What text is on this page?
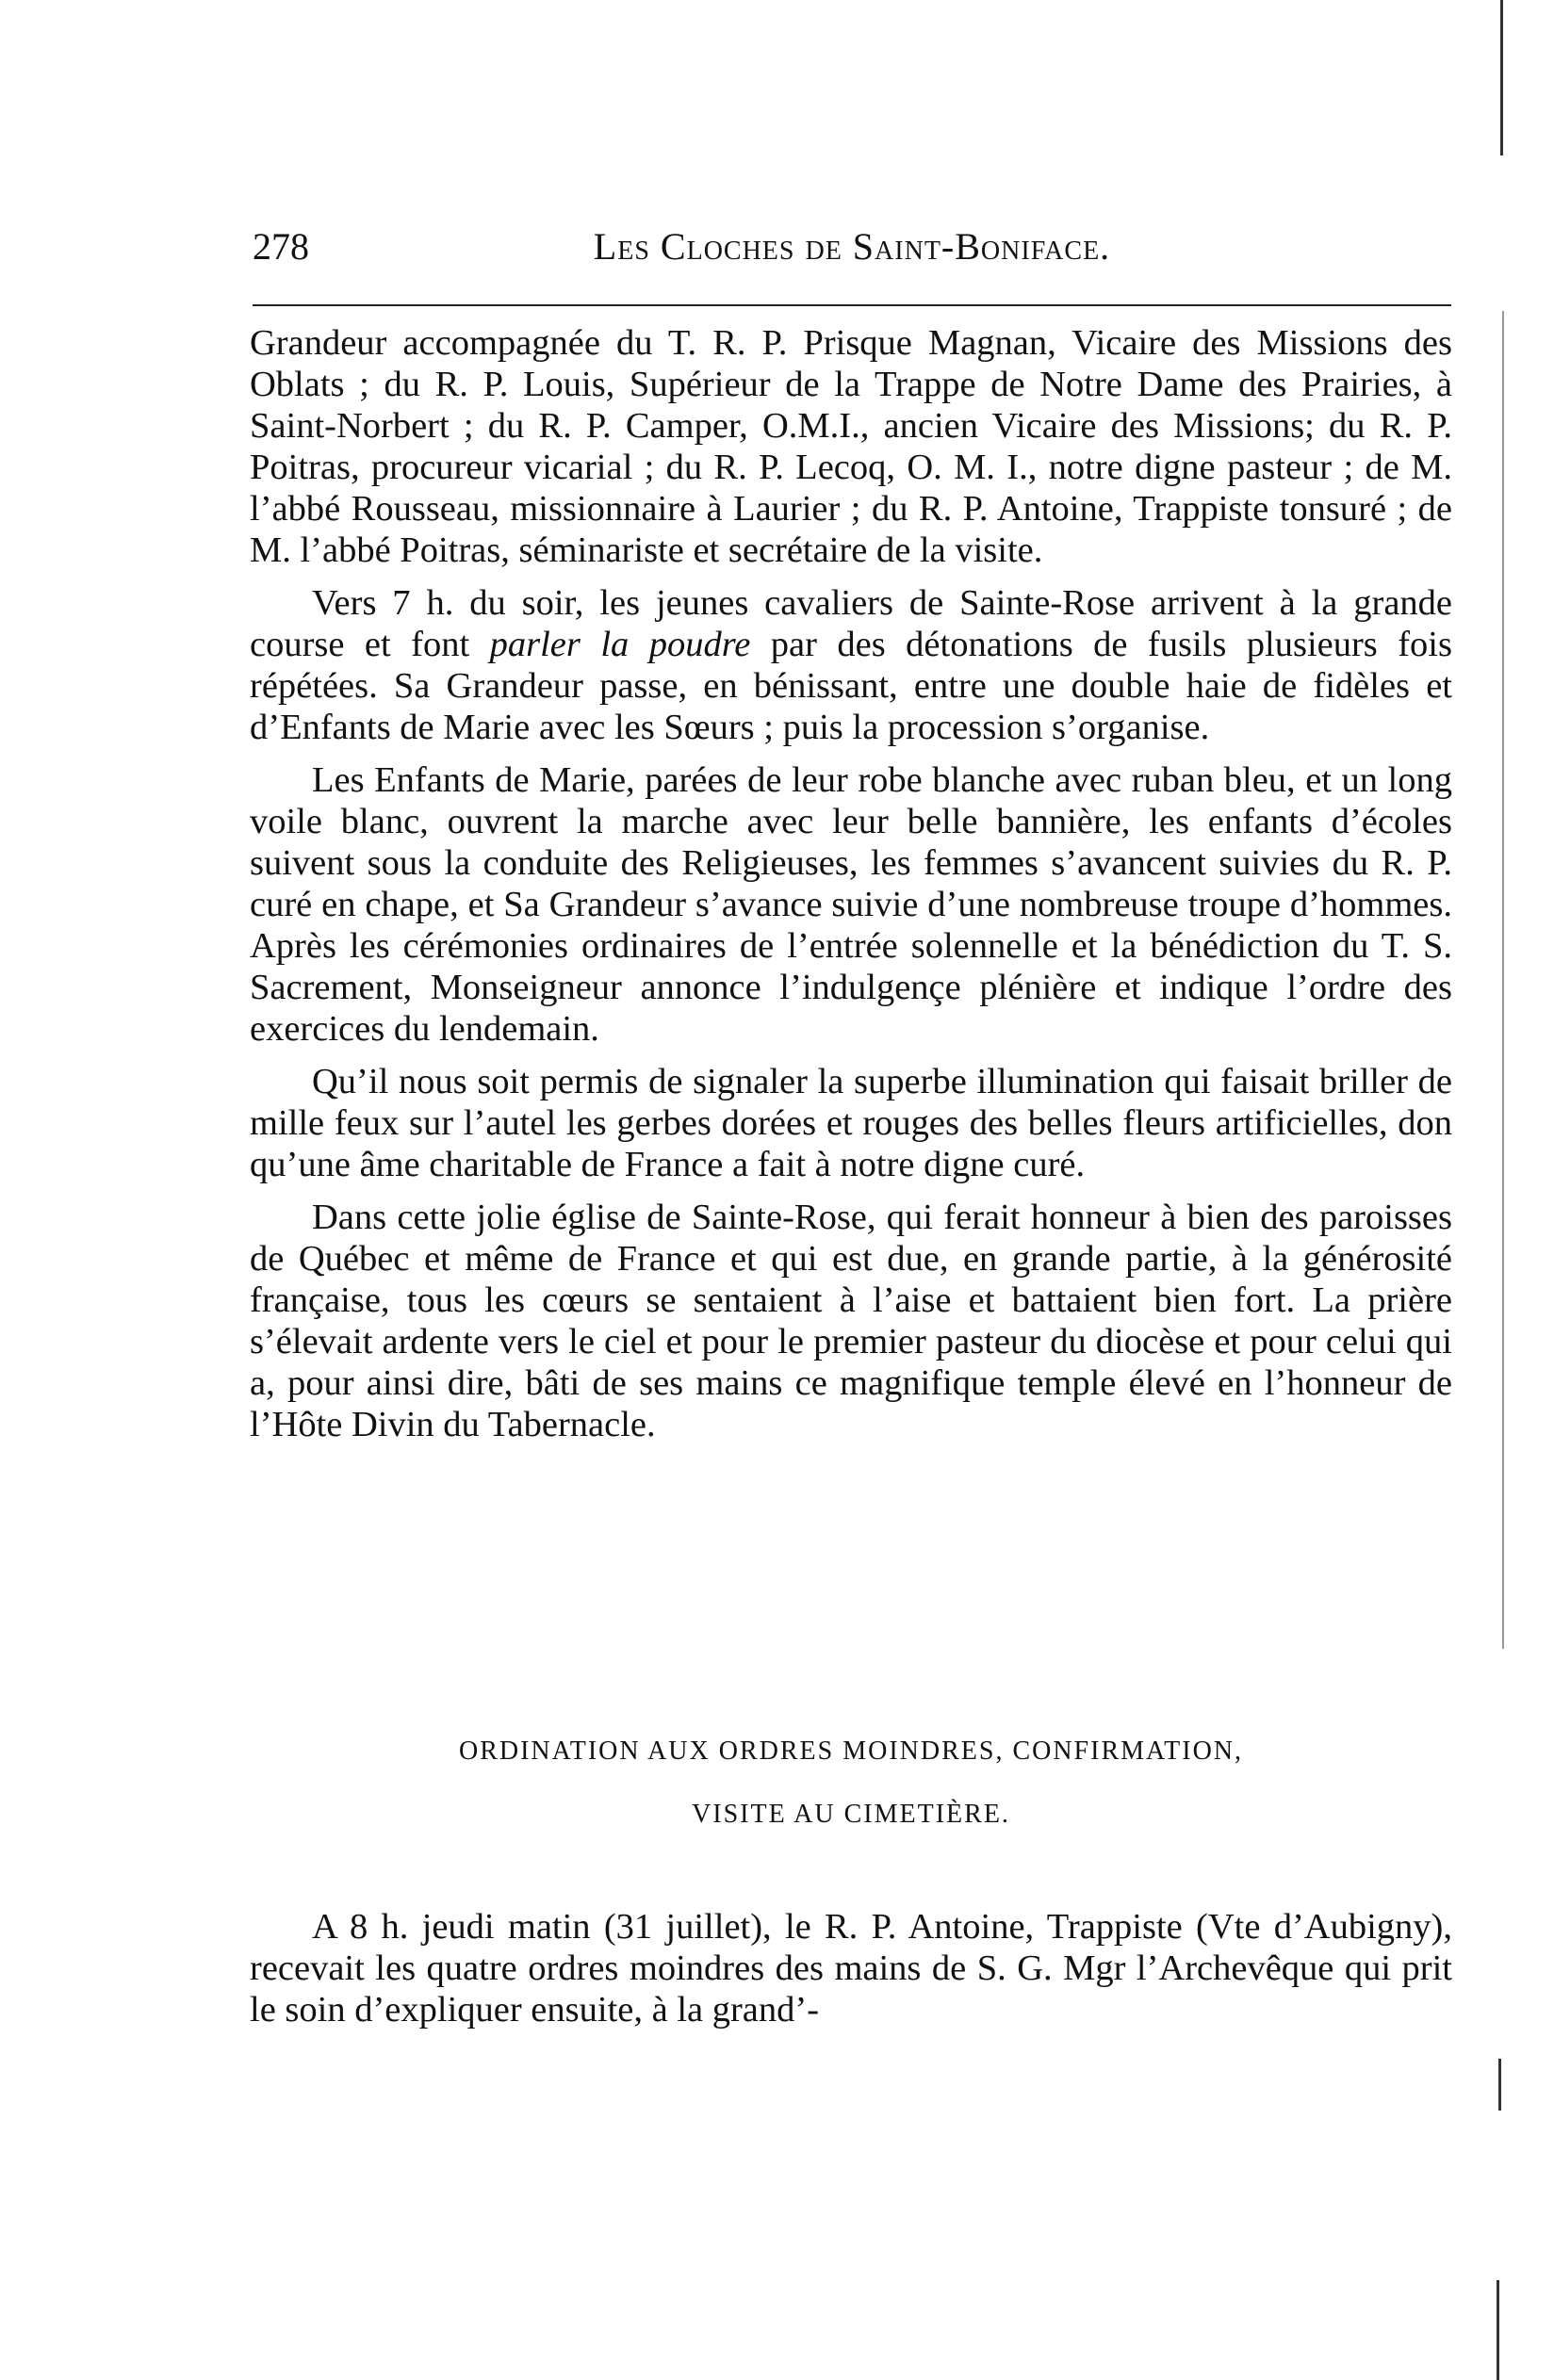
278	Les Cloches de Saint-Boniface.

Grandeur accompagnée du T. R. P. Prisque Magnan, Vicaire des Missions des Oblats ; du R. P. Louis, Supérieur de la Trappe de Notre Dame des Prairies, à Saint-Norbert ; du R. P. Camper, O.M.I., ancien Vicaire des Missions; du R. P. Poitras, procureur vicarial ; du R. P. Lecoq, O. M. I., notre digne pasteur ; de M. l’abbé Rousseau, missionnaire à Laurier ; du R. P. Antoine, Trappiste tonsuré ; de M. l’abbé Poitras, séminariste et secrétaire de la visite.

Vers 7 h. du soir, les jeunes cavaliers de Sainte-Rose arrivent à la grande course et font parler la poudre par des détonations de fusils plusieurs fois répétées. Sa Grandeur passe, en bénissant, entre une double haie de fidèles et d’Enfants de Marie avec les Sœurs ; puis la procession s’organise.

Les Enfants de Marie, parées de leur robe blanche avec ruban bleu, et un long voile blanc, ouvrent la marche avec leur belle bannière, les enfants d’écoles suivent sous la conduite des Religieuses, les femmes s’avancent suivies du R. P. curé en chape, et Sa Grandeur s’avance suivie d’une nombreuse troupe d’hommes. Après les cérémonies ordinaires de l’entrée solennelle et la bénédiction du T. S. Sacrement, Monseigneur annonce l’indulgençe plénière et indique l’ordre des exercices du lendemain.

Qu’il nous soit permis de signaler la superbe illumination qui faisait briller de mille feux sur l’autel les gerbes dorées et rouges des belles fleurs artificielles, don qu’une âme charitable de France a fait à notre digne curé.

Dans cette jolie église de Sainte-Rose, qui ferait honneur à bien des paroisses de Québec et même de France et qui est due, en grande partie, à la générosité française, tous les cœurs se sentaient à l’aise et battaient bien fort. La prière s’élevait ardente vers le ciel et pour le premier pasteur du diocèse et pour celui qui a, pour ainsi dire, bâti de ses mains ce magnifique temple élevé en l’honneur de l’Hôte Divin du Tabernacle.

ORDINATION AUX ORDRES MOINDRES, CONFIRMATION,
VISITE AU CIMETIÈRE.

A 8 h. jeudi matin (31 juillet), le R. P. Antoine, Trappiste (Vte d’Aubigny), recevait les quatre ordres moindres des mains de S. G. Mgr l’Archevêque qui prit le soin d’expliquer ensuite, à la grand’-
